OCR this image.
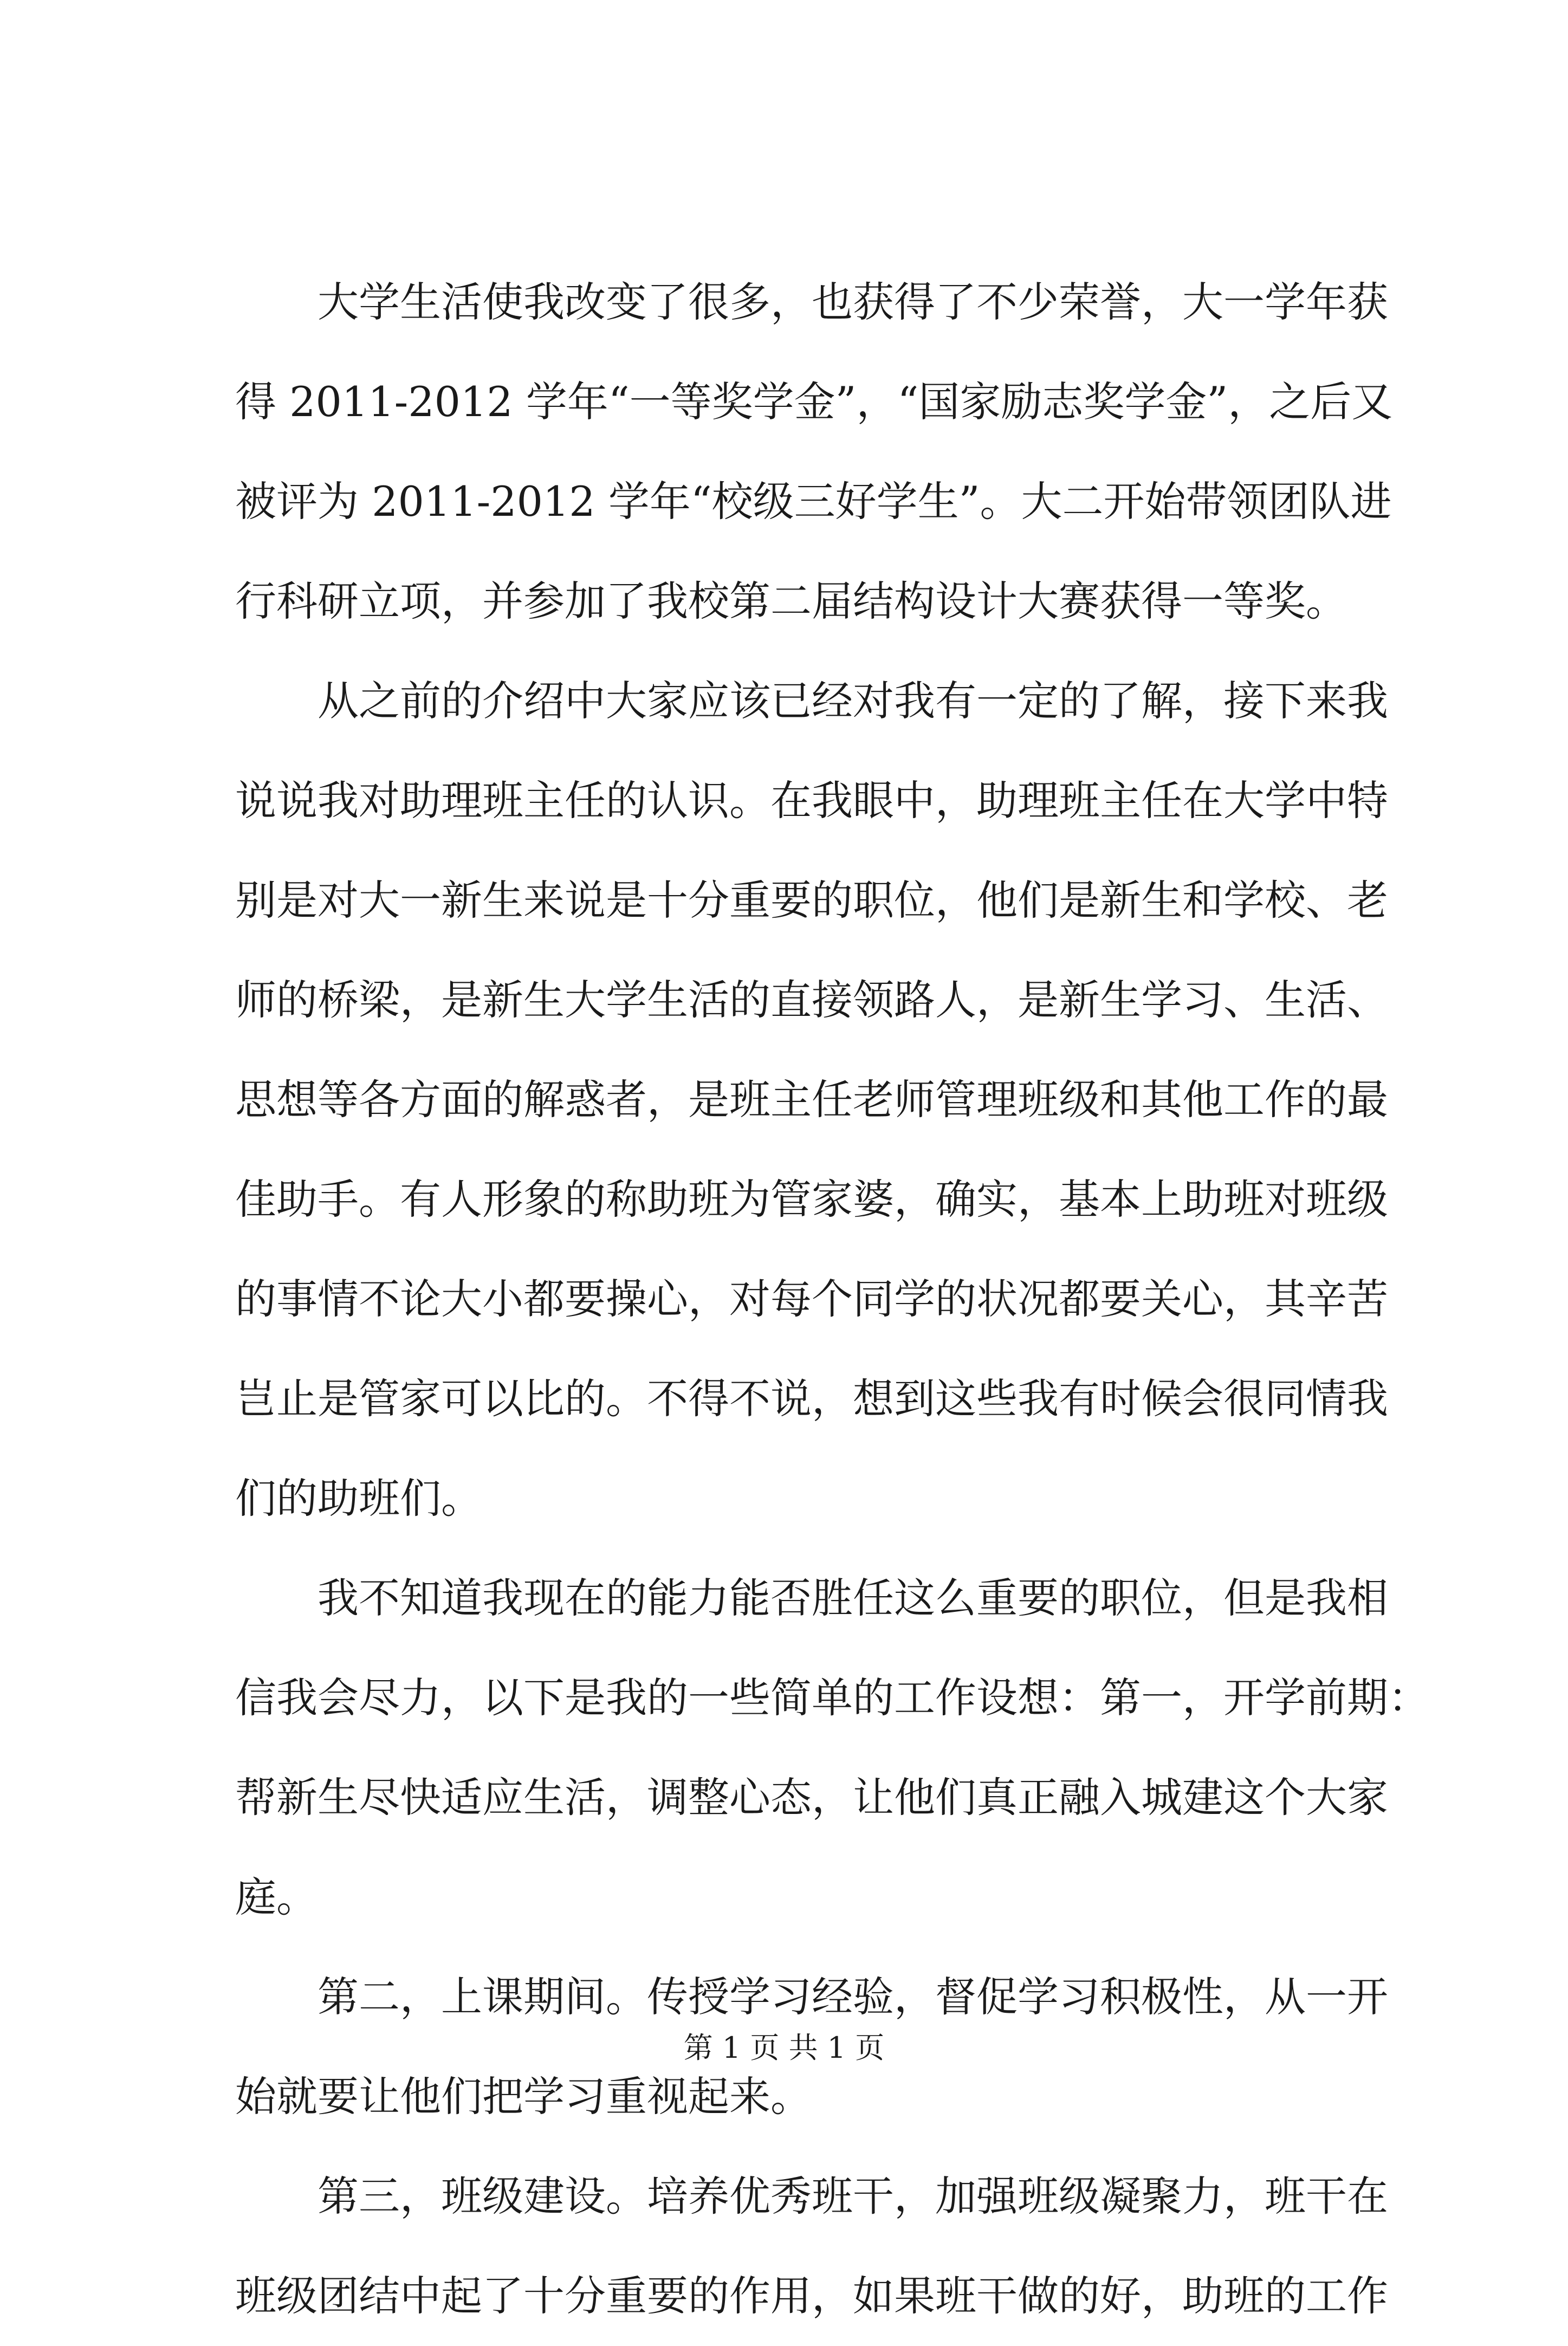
大学生活使我改变了很多，也获得了不少荣誉，大一学年获
得 2011-2012 学年“一等奖学金”，“国家励志奖学金”，之后又
被评为 2011-2012 学年“校级三好学生”。大二开始带领团队进
行科研立项，并参加了我校第二届结构设计大赛获得一等奖。
从之前的介绍中大家应该已经对我有一定的了解，接下来我
说说我对助理班主任的认识。在我眼中，助理班主任在大学中特
别是对大一新生来说是十分重要的职位，他们是新生和学校、老
师的桥梁，是新生大学生活的直接领路人，是新生学习、生活、
思想等各方面的解惑者，是班主任老师管理班级和其他工作的最
佳助手。有人形象的称助班为管家婆，确实，基本上助班对班级
的事情不论大小都要操心，对每个同学的状况都要关心，其辛苦
岂止是管家可以比的。不得不说，想到这些我有时候会很同情我
们的助班们。
我不知道我现在的能力能否胜任这么重要的职位，但是我相
信我会尽力，以下是我的一些简单的工作设想：第一，开学前期：
帮新生尽快适应生活，调整心态，让他们真正融入城建这个大家
庭。
第二，上课期间。传授学习经验，督促学习积极性，从一开
始就要让他们把学习重视起来。
第三，班级建设。培养优秀班干，加强班级凝聚力，班干在
班级团结中起了十分重要的作用，如果班干做的好，助班的工作
第 1 页 共 1 页
